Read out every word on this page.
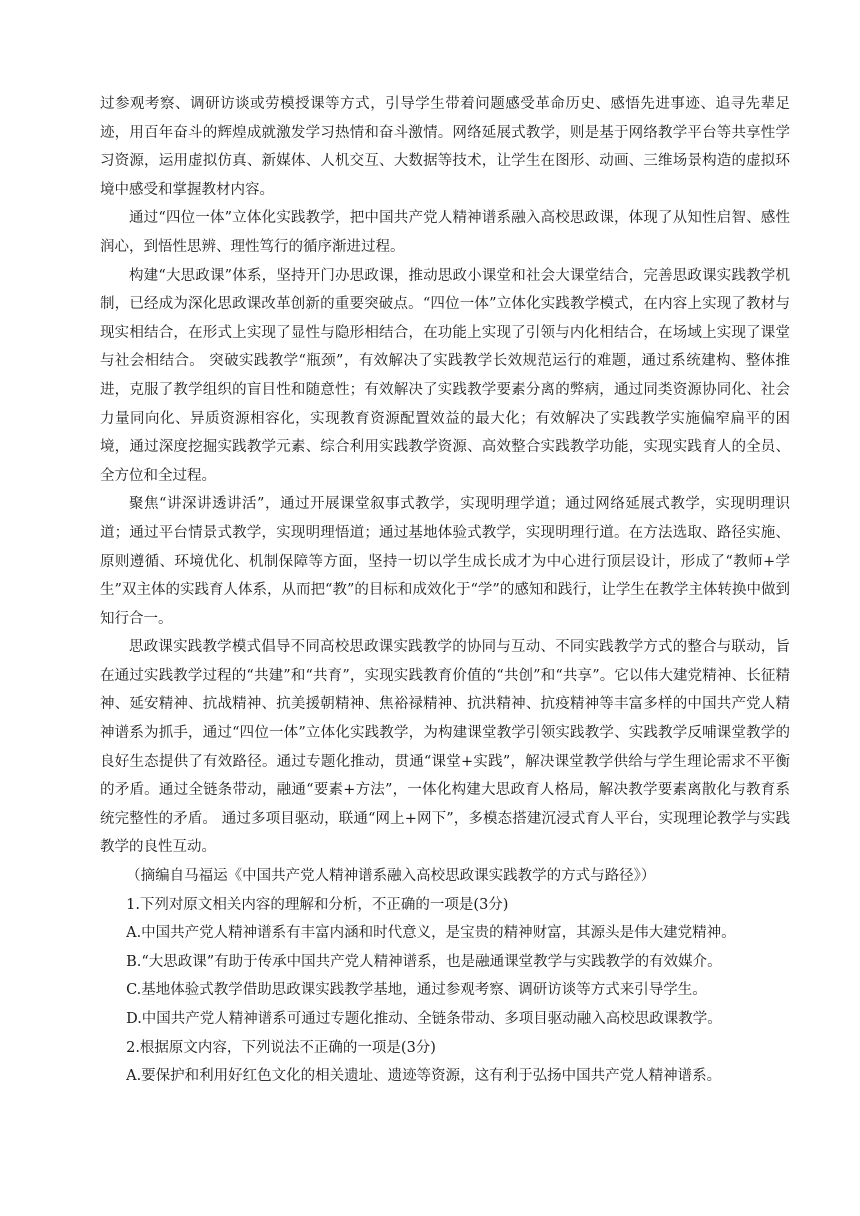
过参观考察、调研访谈或劳模授课等方式，引导学生带着问题感受革命历史、感悟先进事迹、追寻先辈足迹，用百年奋斗的辉煌成就激发学习热情和奋斗激情。网络延展式教学，则是基于网络教学平台等共享性学习资源，运用虚拟仿真、新媒体、人机交互、大数据等技术，让学生在图形、动画、三维场景构造的虚拟环境中感受和掌握教材内容。

通过“四位一体”立体化实践教学，把中国共产党人精神谱系融入高校思政课，体现了从知性启智、感性润心，到悟性思辨、理性笃行的循序渐进过程。

构建“大思政课”体系，坚持开门办思政课，推动思政小课堂和社会大课堂结合，完善思政课实践教学机制，已经成为深化思政课改革创新的重要突破点。“四位一体”立体化实践教学模式，在内容上实现了教材与现实相结合，在形式上实现了显性与隐形相结合，在功能上实现了引领与内化相结合，在场域上实现了课堂与社会相结合。 突破实践教学“瓶颈”，有效解决了实践教学长效规范运行的难题，通过系统建构、整体推进，克服了教学组织的盲目性和随意性；有效解决了实践教学要素分离的弊病，通过同类资源协同化、社会力量同向化、异质资源相容化，实现教育资源配置效益的最大化；有效解决了实践教学实施偏窄扁平的困境，通过深度挖掘实践教学元素、综合利用实践教学资源、高效整合实践教学功能，实现实践育人的全员、全方位和全过程。

聚焦“讲深讲透讲活”，通过开展课堂叙事式教学，实现明理学道；通过网络延展式教学，实现明理识道；通过平台情景式教学，实现明理悟道；通过基地体验式教学，实现明理行道。在方法选取、路径实施、原则遵循、环境优化、机制保障等方面，坚持一切以学生成长成才为中心进行顶层设计，形成了“教师+学生”双主体的实践育人体系，从而把“教”的目标和成效化于“学”的感知和践行，让学生在教学主体转换中做到知行合一。

思政课实践教学模式倡导不同高校思政课实践教学的协同与互动、不同实践教学方式的整合与联动，旨在通过实践教学过程的“共建”和“共育”，实现实践教育价值的“共创”和“共享”。它以伟大建党精神、长征精神、延安精神、抗战精神、抗美援朝精神、焦裕禄精神、抗洪精神、抗疫精神等丰富多样的中国共产党人精神谱系为抓手，通过“四位一体”立体化实践教学，为构建课堂教学引领实践教学、实践教学反哺课堂教学的良好生态提供了有效路径。通过专题化推动，贯通“课堂+实践”，解决课堂教学供给与学生理论需求不平衡的矛盾。通过全链条带动，融通“要素+方法”，一体化构建大思政育人格局，解决教学要素离散化与教育系统完整性的矛盾。 通过多项目驱动，联通“网上+网下”，多模态搭建沉浸式育人平台，实现理论教学与实践教学的良性互动。

（摘编自马福运《中国共产党人精神谱系融入高校思政课实践教学的方式与路径》）

1.下列对原文相关内容的理解和分析，不正确的一项是(3分)

A.中国共产党人精神谱系有丰富内涵和时代意义，是宝贵的精神财富，其源头是伟大建党精神。

B.“大思政课”有助于传承中国共产党人精神谱系，也是融通课堂教学与实践教学的有效媒介。

C.基地体验式教学借助思政课实践教学基地，通过参观考察、调研访谈等方式来引导学生。

D.中国共产党人精神谱系可通过专题化推动、全链条带动、多项目驱动融入高校思政课教学。

2.根据原文内容，下列说法不正确的一项是(3分)

A.要保护和利用好红色文化的相关遗址、遗迹等资源，这有利于弘扬中国共产党人精神谱系。
